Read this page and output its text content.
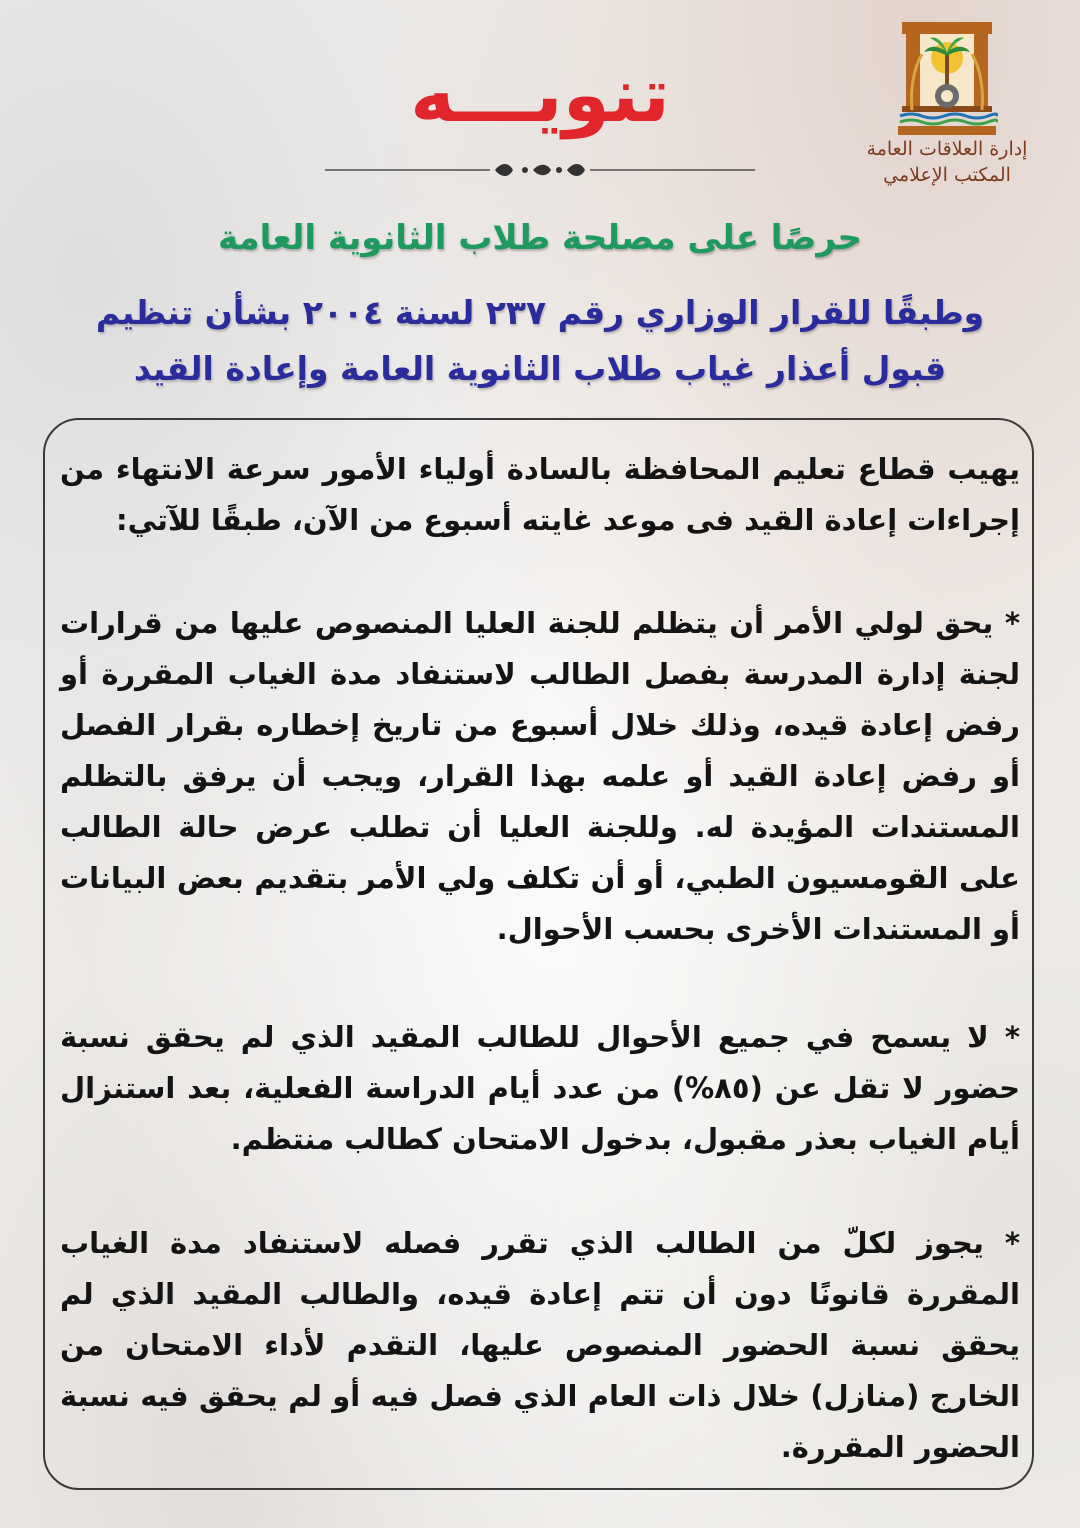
إدارة العلاقات العامة
المكتب الإعلامي
تنويـــه
حرصًا على مصلحة طلاب الثانوية العامة
وطبقًا للقرار الوزاري رقم ٢٣٧ لسنة ٢٠٠٤ بشأن تنظيم قبول أعذار غياب طلاب الثانوية العامة وإعادة القيد

يهيب قطاع تعليم المحافظة بالسادة أولياء الأمور سرعة الانتهاء من إجراءات إعادة القيد فى موعد غايته أسبوع من الآن، طبقًا للآتي:

* يحق لولي الأمر أن يتظلم للجنة العليا المنصوص عليها من قرارات لجنة إدارة المدرسة بفصل الطالب لاستنفاد مدة الغياب المقررة أو رفض إعادة قيده، وذلك خلال أسبوع من تاريخ إخطاره بقرار الفصل أو رفض إعادة القيد أو علمه بهذا القرار، ويجب أن يرفق بالتظلم المستندات المؤيدة له. وللجنة العليا أن تطلب عرض حالة الطالب على القومسيون الطبي، أو أن تكلف ولي الأمر بتقديم بعض البيانات أو المستندات الأخرى بحسب الأحوال.

* لا يسمح في جميع الأحوال للطالب المقيد الذي لم يحقق نسبة حضور لا تقل عن (٨٥%) من عدد أيام الدراسة الفعلية، بعد استنزال أيام الغياب بعذر مقبول، بدخول الامتحان كطالب منتظم.

* يجوز لكلّ من الطالب الذي تقرر فصله لاستنفاد مدة الغياب المقررة قانونًا دون أن تتم إعادة قيده، والطالب المقيد الذي لم يحقق نسبة الحضور المنصوص عليها، التقدم لأداء الامتحان من الخارج (منازل) خلال ذات العام الذي فصل فيه أو لم يحقق فيه نسبة الحضور المقررة.
